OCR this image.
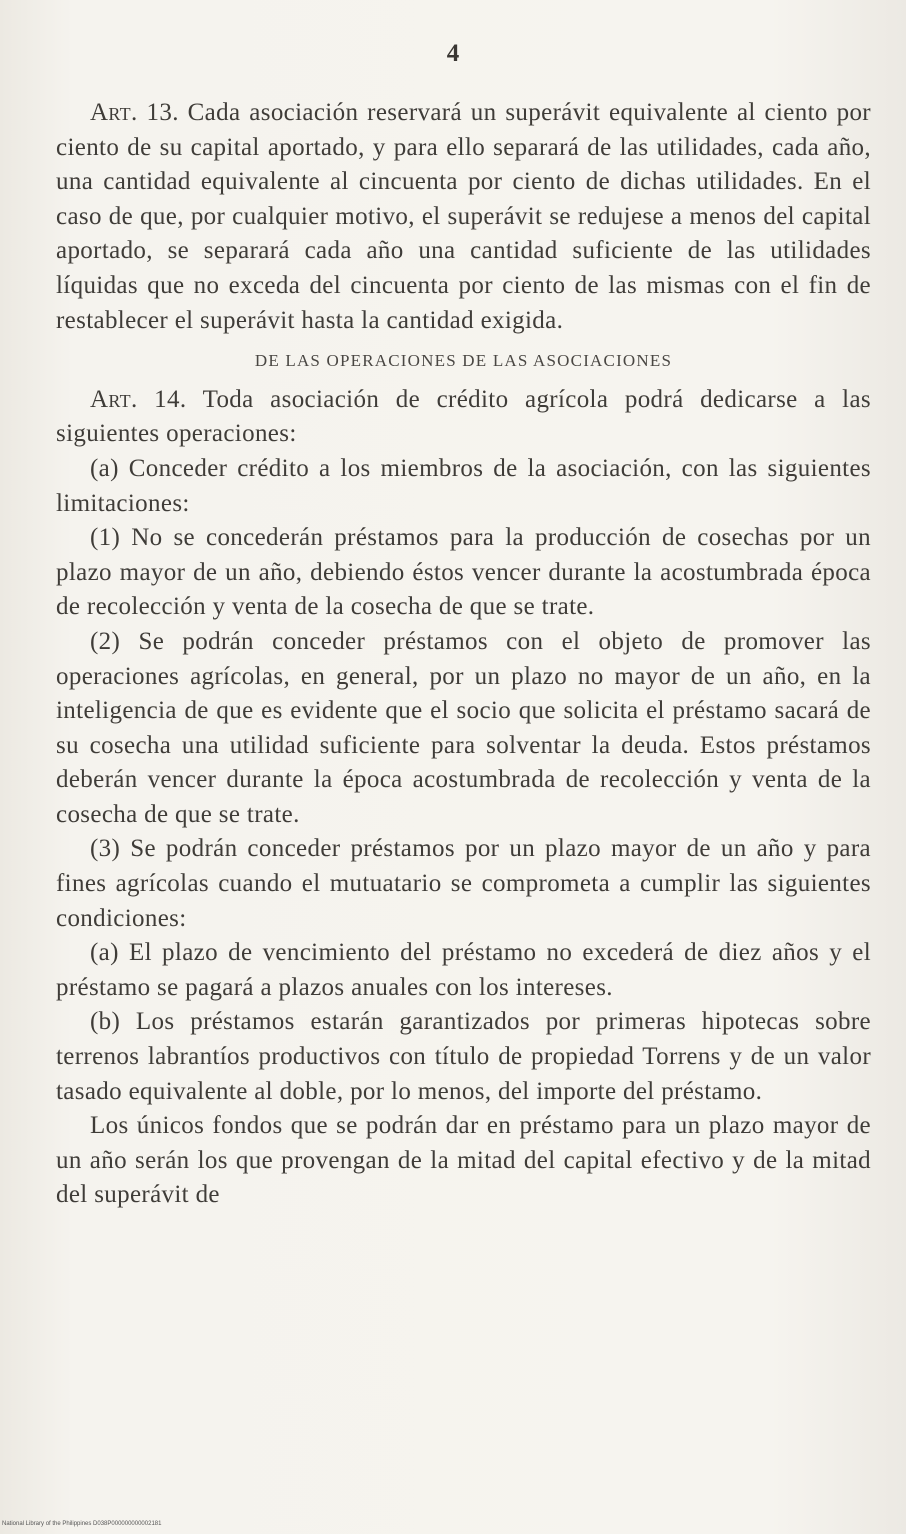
4

Art. 13. Cada asociación reservará un superávit equivalente al ciento por ciento de su capital aportado, y para ello separará de las utilidades, cada año, una cantidad equivalente al cincuenta por ciento de dichas utilidades. En el caso de que, por cualquier motivo, el superávit se redujese a menos del capital aportado, se separará cada año una cantidad suficiente de las utilidades líquidas que no exceda del cincuenta por ciento de las mismas con el fin de restablecer el superávit hasta la cantidad exigida.

DE LAS OPERACIONES DE LAS ASOCIACIONES

Art. 14. Toda asociación de crédito agrícola podrá dedicarse a las siguientes operaciones:

(a) Conceder crédito a los miembros de la asociación, con las siguientes limitaciones:

(1) No se concederán préstamos para la producción de cosechas por un plazo mayor de un año, debiendo éstos vencer durante la acostumbrada época de recolección y venta de la cosecha de que se trate.

(2) Se podrán conceder préstamos con el objeto de promover las operaciones agrícolas, en general, por un plazo no mayor de un año, en la inteligencia de que es evidente que el socio que solicita el préstamo sacará de su cosecha una utilidad suficiente para solventar la deuda. Estos préstamos deberán vencer durante la época acostumbrada de recolección y venta de la cosecha de que se trate.

(3) Se podrán conceder préstamos por un plazo mayor de un año y para fines agrícolas cuando el mutuatario se comprometa a cumplir las siguientes condiciones:

(a) El plazo de vencimiento del préstamo no excederá de diez años y el préstamo se pagará a plazos anuales con los intereses.

(b) Los préstamos estarán garantizados por primeras hipotecas sobre terrenos labrantíos productivos con título de propiedad Torrens y de un valor tasado equivalente al doble, por lo menos, del importe del préstamo.

Los únicos fondos que se podrán dar en préstamo para un plazo mayor de un año serán los que provengan de la mitad del capital efectivo y de la mitad del superávit de

National Library of the Philippines D038P000000000002181
